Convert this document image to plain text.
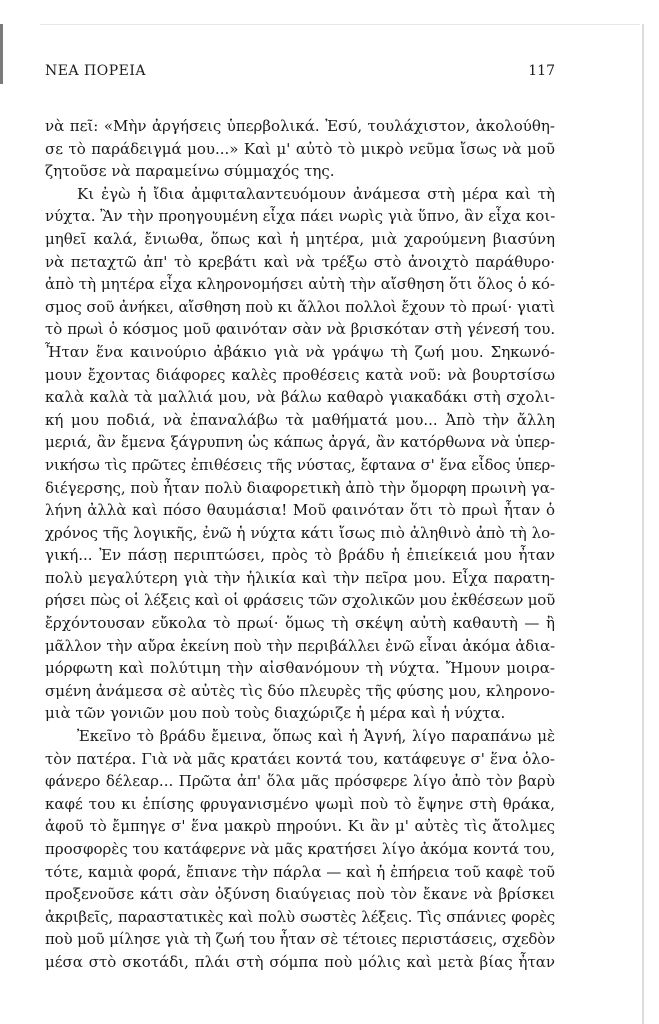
ΝΕΑ ΠΟΡΕΙΑ	117
νὰ πεῖ: «Μὴν ἀργήσεις ὑπερβολικά. Ἐσύ, τουλάχιστον, ἀκολούθη-
σε τὸ παράδειγμά μου...» Καὶ μ' αὐτὸ τὸ μικρὸ νεῦμα ἴσως νὰ μοῦ
ζητοῦσε νὰ παραμείνω σύμμαχός της.
Κι ἐγὼ ἡ ἴδια ἀμφιταλαντευόμουν ἀνάμεσα στὴ μέρα καὶ τὴ
νύχτα. Ἂν τὴν προηγουμένη εἶχα πάει νωρὶς γιὰ ὕπνο, ἂν εἶχα κοι-
μηθεῖ καλά, ἔνιωθα, ὅπως καὶ ἡ μητέρα, μιὰ χαρούμενη βιασύνη
νὰ πεταχτῶ ἀπ' τὸ κρεβάτι καὶ νὰ τρέξω στὸ ἀνοιχτὸ παράθυρο·
ἀπὸ τὴ μητέρα εἶχα κληρονομήσει αὐτὴ τὴν αἴσθηση ὅτι ὅλος ὁ κό-
σμος σοῦ ἀνήκει, αἴσθηση ποὺ κι ἄλλοι πολλοὶ ἔχουν τὸ πρωί· γιατὶ
τὸ πρωὶ ὁ κόσμος μοῦ φαινόταν σὰν νὰ βρισκόταν στὴ γένεσή του.
Ἦταν ἕνα καινούριο ἀβάκιο γιὰ νὰ γράψω τὴ ζωή μου. Σηκωνό-
μουν ἔχοντας διάφορες καλὲς προθέσεις κατὰ νοῦ: νὰ βουρτσίσω
καλὰ καλὰ τὰ μαλλιά μου, νὰ βάλω καθαρὸ γιακαδάκι στὴ σχολι-
κή μου ποδιά, νὰ ἐπαναλάβω τὰ μαθήματά μου... Ἀπὸ τὴν ἄλλη
μεριά, ἂν ἔμενα ξάγρυπνη ὡς κάπως ἀργά, ἂν κατόρθωνα νὰ ὑπερ-
νικήσω τὶς πρῶτες ἐπιθέσεις τῆς νύστας, ἔφτανα σ' ἕνα εἶδος ὑπερ-
διέγερσης, ποὺ ἦταν πολὺ διαφορετικὴ ἀπὸ τὴν ὄμορφη πρωινὴ γα-
λήνη ἀλλὰ καὶ πόσο θαυμάσια! Μοῦ φαινόταν ὅτι τὸ πρωὶ ἦταν ὁ
χρόνος τῆς λογικῆς, ἐνῶ ἡ νύχτα κάτι ἴσως πιὸ ἀληθινὸ ἀπὸ τὴ λο-
γική... Ἐν πάσῃ περιπτώσει, πρὸς τὸ βράδυ ἡ ἐπιείκειά μου ἦταν
πολὺ μεγαλύτερη γιὰ τὴν ἡλικία καὶ τὴν πεῖρα μου. Εἶχα παρατη-
ρήσει πὼς οἱ λέξεις καὶ οἱ φράσεις τῶν σχολικῶν μου ἐκθέσεων μοῦ
ἔρχόντουσαν εὔκολα τὸ πρωί· ὅμως τὴ σκέψη αὐτὴ καθαυτὴ — ἢ
μᾶλλον τὴν αὔρα ἐκείνη ποὺ τὴν περιβάλλει ἐνῶ εἶναι ἀκόμα ἀδια-
μόρφωτη καὶ πολύτιμη τὴν αἰσθανόμουν τὴ νύχτα. Ἤμουν μοιρα-
σμένη ἀνάμεσα σὲ αὐτὲς τὶς δύο πλευρὲς τῆς φύσης μου, κληρονο-
μιὰ τῶν γονιῶν μου ποὺ τοὺς διαχώριζε ἡ μέρα καὶ ἡ νύχτα.
Ἐκεῖνο τὸ βράδυ ἔμεινα, ὅπως καὶ ἡ Ἁγνή, λίγο παραπάνω μὲ
τὸν πατέρα. Γιὰ νὰ μᾶς κρατάει κοντά του, κατάφευγε σ' ἕνα ὁλο-
φάνερο δέλεαρ... Πρῶτα ἀπ' ὅλα μᾶς πρόσφερε λίγο ἀπὸ τὸν βαρὺ
καφέ του κι ἐπίσης φρυγανισμένο ψωμὶ ποὺ τὸ ἔψηνε στὴ θράκα,
ἀφοῦ τὸ ἔμπηγε σ' ἕνα μακρὺ πηρούνι. Κι ἂν μ' αὐτὲς τὶς ἄτολμες
προσφορὲς του κατάφερνε νὰ μᾶς κρατήσει λίγο ἀκόμα κοντά του,
τότε, καμιὰ φορά, ἔπιανε τὴν πάρλα — καὶ ἡ ἐπήρεια τοῦ καφὲ τοῦ
προξενοῦσε κάτι σὰν ὀξύνση διαύγειας ποὺ τὸν ἔκανε νὰ βρίσκει
ἀκριβεῖς, παραστατικὲς καὶ πολὺ σωστὲς λέξεις. Τὶς σπάνιες φορὲς
ποὺ μοῦ μίλησε γιὰ τὴ ζωή του ἦταν σὲ τέτοιες περιστάσεις, σχεδὸν
μέσα στὸ σκοτάδι, πλάι στὴ σόμπα ποὺ μόλις καὶ μετὰ βίας ἦταν
